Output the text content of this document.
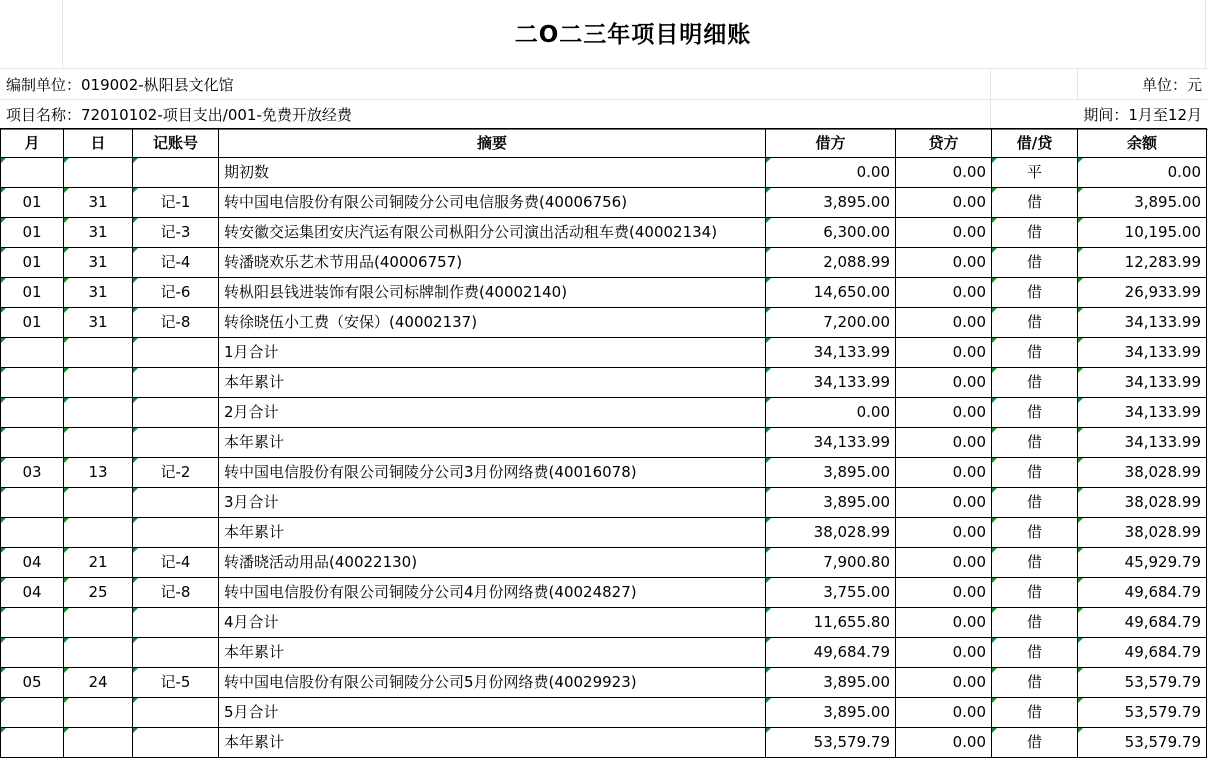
二O二三年项目明细账
编制单位：019002-枞阳县文化馆	单位：元
项目名称：72010102-项目支出/001-免费开放经费	期间：1月至12月
月	日	记账号	摘要	借方	贷方	借/贷	余额
			期初数	0.00	0.00	平	0.00
01	31	记-1	转中国电信股份有限公司铜陵分公司电信服务费(40006756)	3,895.00	0.00	借	3,895.00
01	31	记-3	转安徽交运集团安庆汽运有限公司枞阳分公司演出活动租车费(40002134)	6,300.00	0.00	借	10,195.00
01	31	记-4	转潘晓欢乐艺术节用品(40006757)	2,088.99	0.00	借	12,283.99
01	31	记-6	转枞阳县钱进装饰有限公司标牌制作费(40002140)	14,650.00	0.00	借	26,933.99
01	31	记-8	转徐晓伍小工费（安保）(40002137)	7,200.00	0.00	借	34,133.99
			1月合计	34,133.99	0.00	借	34,133.99
			本年累计	34,133.99	0.00	借	34,133.99
			2月合计	0.00	0.00	借	34,133.99
			本年累计	34,133.99	0.00	借	34,133.99
03	13	记-2	转中国电信股份有限公司铜陵分公司3月份网络费(40016078)	3,895.00	0.00	借	38,028.99
			3月合计	3,895.00	0.00	借	38,028.99
			本年累计	38,028.99	0.00	借	38,028.99
04	21	记-4	转潘晓活动用品(40022130)	7,900.80	0.00	借	45,929.79
04	25	记-8	转中国电信股份有限公司铜陵分公司4月份网络费(40024827)	3,755.00	0.00	借	49,684.79
			4月合计	11,655.80	0.00	借	49,684.79
			本年累计	49,684.79	0.00	借	49,684.79
05	24	记-5	转中国电信股份有限公司铜陵分公司5月份网络费(40029923)	3,895.00	0.00	借	53,579.79
			5月合计	3,895.00	0.00	借	53,579.79
			本年累计	53,579.79	0.00	借	53,579.79
